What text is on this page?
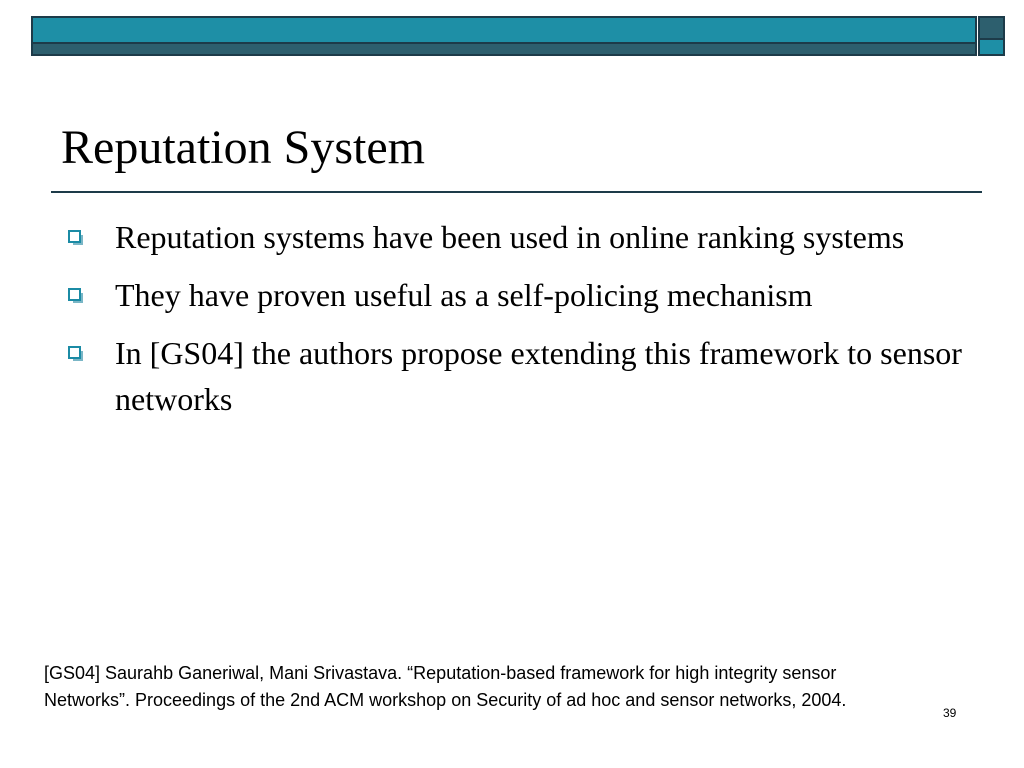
Reputation System
Reputation systems have been used in online ranking systems
They have proven useful as a self-policing mechanism
In [GS04] the authors propose extending this framework to sensor networks

[GS04] Saurahb Ganeriwal, Mani Srivastava. “Reputation-based framework for high integrity sensor Networks”. Proceedings of the 2nd ACM workshop on Security of ad hoc and sensor networks, 2004.

39
